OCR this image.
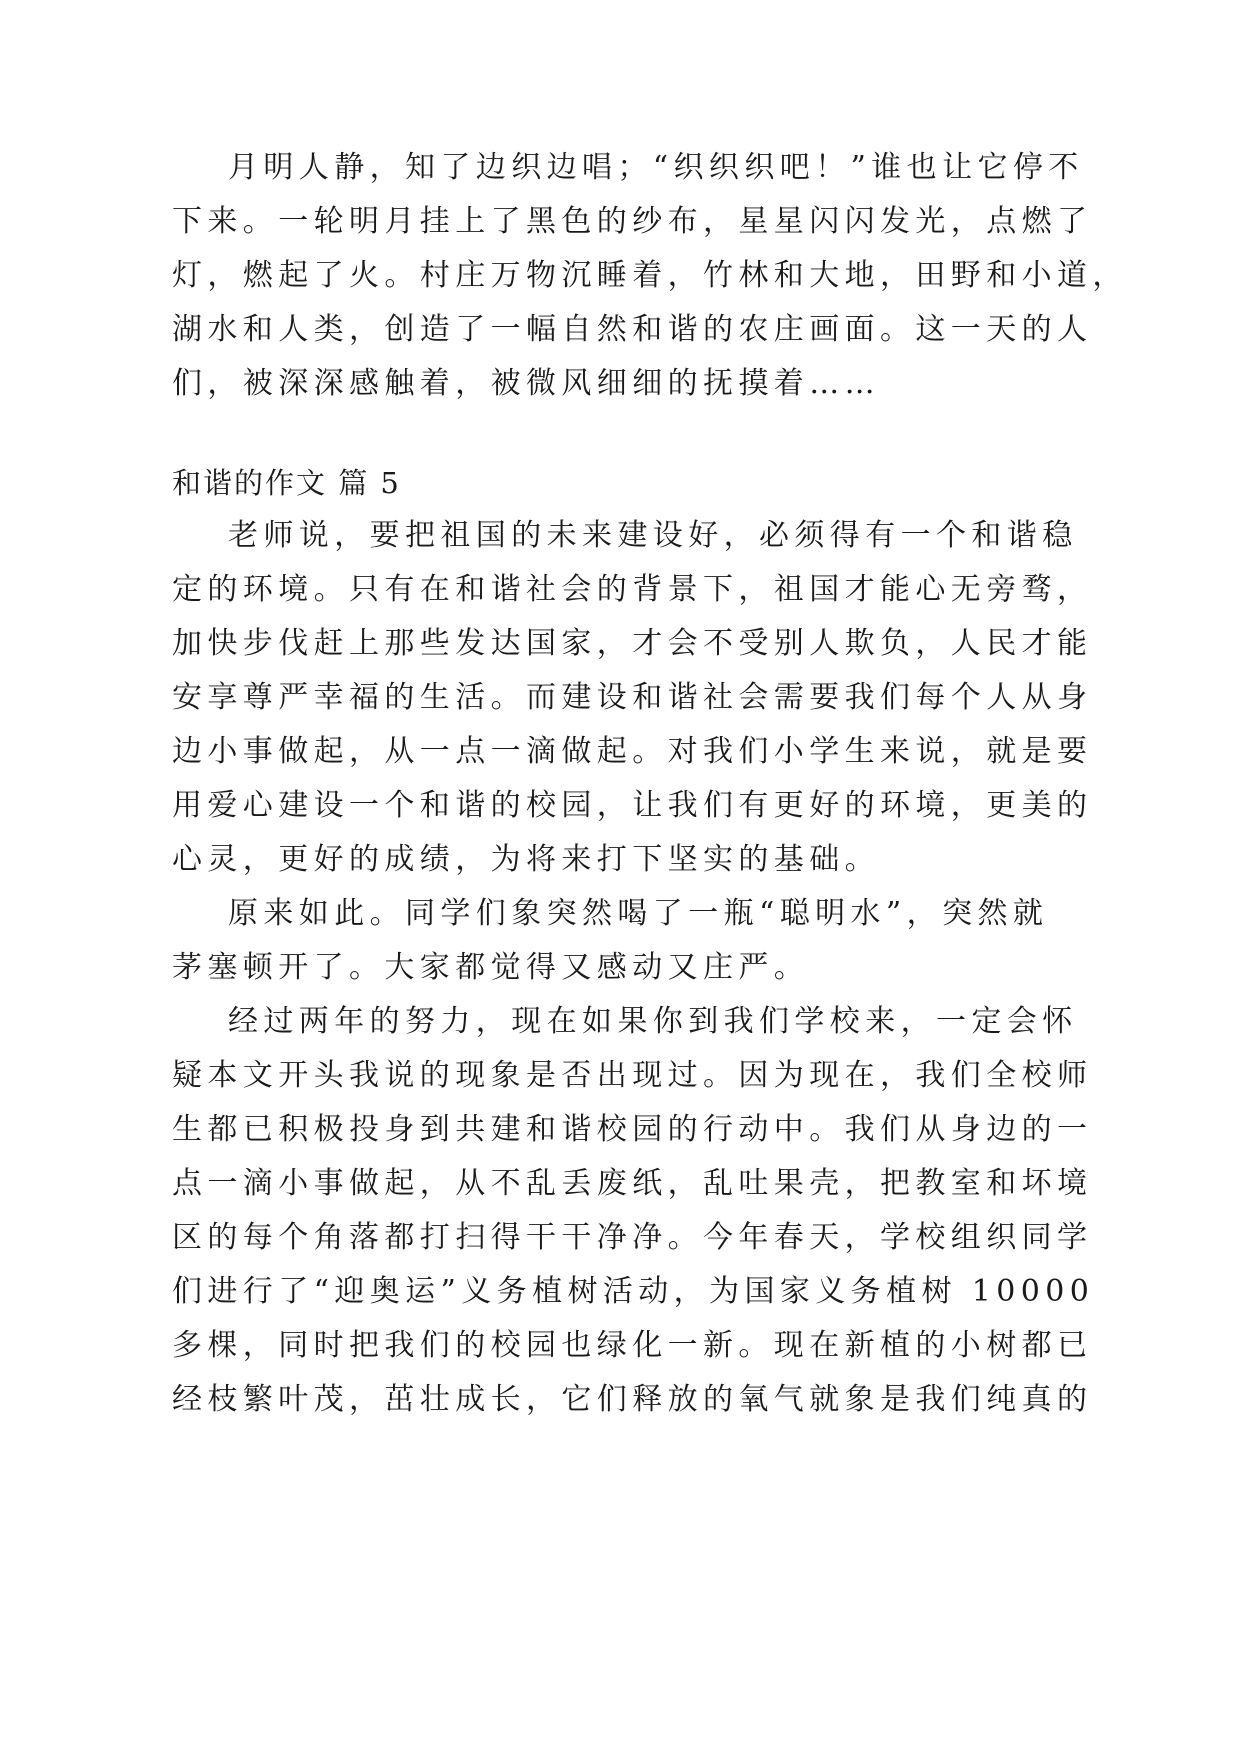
月明人静，知了边织边唱；“织织织吧！”谁也让它停不
下来。一轮明月挂上了黑色的纱布，星星闪闪发光，点燃了
灯，燃起了火。村庄万物沉睡着，竹林和大地，田野和小道，
湖水和人类，创造了一幅自然和谐的农庄画面。这一天的人
们，被深深感触着，被微风细细的抚摸着……
和谐的作文 篇 5
老师说，要把祖国的未来建设好，必须得有一个和谐稳
定的环境。只有在和谐社会的背景下，祖国才能心无旁骛，
加快步伐赶上那些发达国家，才会不受别人欺负，人民才能
安享尊严幸福的生活。而建设和谐社会需要我们每个人从身
边小事做起，从一点一滴做起。对我们小学生来说，就是要
用爱心建设一个和谐的校园，让我们有更好的环境，更美的
心灵，更好的成绩，为将来打下坚实的基础。
原来如此。同学们象突然喝了一瓶“聪明水”，突然就
茅塞顿开了。大家都觉得又感动又庄严。
经过两年的努力，现在如果你到我们学校来，一定会怀
疑本文开头我说的现象是否出现过。因为现在，我们全校师
生都已积极投身到共建和谐校园的行动中。我们从身边的一
点一滴小事做起，从不乱丢废纸，乱吐果壳，把教室和坏境
区的每个角落都打扫得干干净净。今年春天，学校组织同学
们进行了“迎奥运”义务植树活动，为国家义务植树 10000
多棵，同时把我们的校园也绿化一新。现在新植的小树都已
经枝繁叶茂，茁壮成长，它们释放的氧气就象是我们纯真的
